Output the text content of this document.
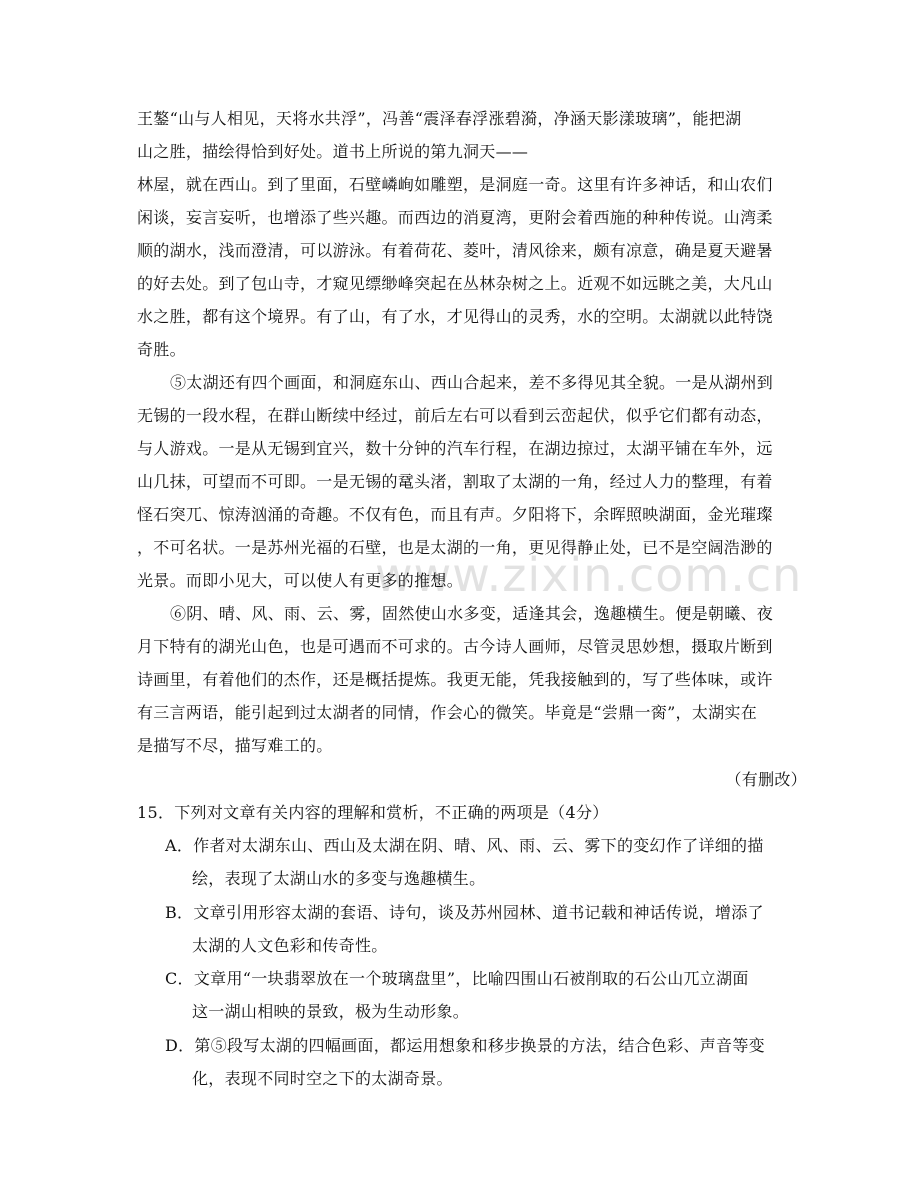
www.zixin.com.cn
王鏊“山与人相见，天将水共浮”，冯善“震泽春浮涨碧漪，净涵天影漾玻璃”，能把湖
山之胜，描绘得恰到好处。道书上所说的第九洞天——
林屋，就在西山。到了里面，石壁嶙峋如雕塑，是洞庭一奇。这里有许多神话，和山农们
闲谈，妄言妄听，也增添了些兴趣。而西边的消夏湾，更附会着西施的种种传说。山湾柔
顺的湖水，浅而澄清，可以游泳。有着荷花、菱叶，清风徐来，颇有凉意，确是夏天避暑
的好去处。到了包山寺，才窥见缥缈峰突起在丛林杂树之上。近观不如远眺之美，大凡山
水之胜，都有这个境界。有了山，有了水，才见得山的灵秀，水的空明。太湖就以此特饶
奇胜。
⑤太湖还有四个画面，和洞庭东山、西山合起来，差不多得见其全貌。一是从湖州到
无锡的一段水程，在群山断续中经过，前后左右可以看到云峦起伏，似乎它们都有动态，
与人游戏。一是从无锡到宜兴，数十分钟的汽车行程，在湖边掠过，太湖平铺在车外，远
山几抹，可望而不可即。一是无锡的鼋头渚，割取了太湖的一角，经过人力的整理，有着
怪石突兀、惊涛汹涌的奇趣。不仅有色，而且有声。夕阳将下，余晖照映湖面，金光璀璨
，不可名状。一是苏州光福的石壁，也是太湖的一角，更见得静止处，已不是空阔浩渺的
光景。而即小见大，可以使人有更多的推想。
⑥阴、晴、风、雨、云、雾，固然使山水多变，适逢其会，逸趣横生。便是朝曦、夜
月下特有的湖光山色，也是可遇而不可求的。古今诗人画师，尽管灵思妙想，摄取片断到
诗画里，有着他们的杰作，还是概括提炼。我更无能，凭我接触到的，写了些体味，或许
有三言两语，能引起到过太湖者的同情，作会心的微笑。毕竟是“尝鼎一脔”，太湖实在
是描写不尽，描写难工的。
（有删改）
15．下列对文章有关内容的理解和赏析，不正确的两项是（4分）
A．作者对太湖东山、西山及太湖在阴、晴、风、雨、云、雾下的变幻作了详细的描
绘，表现了太湖山水的多变与逸趣横生。
B．文章引用形容太湖的套语、诗句，谈及苏州园林、道书记载和神话传说，增添了
太湖的人文色彩和传奇性。
C．文章用“一块翡翠放在一个玻璃盘里”，比喻四围山石被削取的石公山兀立湖面
这一湖山相映的景致，极为生动形象。
D．第⑤段写太湖的四幅画面，都运用想象和移步换景的方法，结合色彩、声音等变
化，表现不同时空之下的太湖奇景。
